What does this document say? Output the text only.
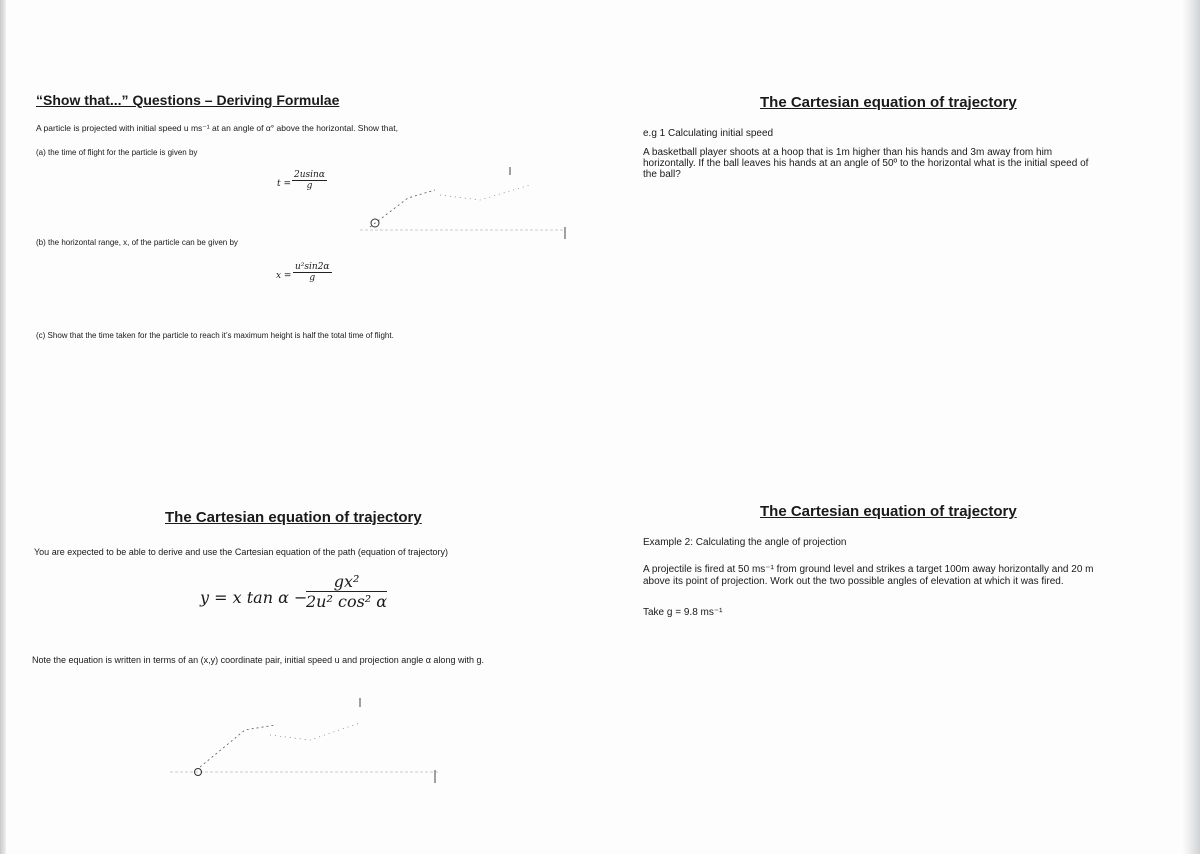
“Show that...” Questions – Deriving Formulae
A particle is projected with initial speed u ms⁻¹ at an angle of α° above the horizontal. Show that,
(a) the time of flight for the particle is given by
$t = \frac{2usin\alpha}{g}$
(b) the horizontal range, x, of the particle can be given by
$x = \frac{\text{u²sin2α}}{g}$
(c) Show that the time taken for the particle to reach it’s maximum height is half the total time of flight.
The Cartesian equation of trajectory
e.g 1 Calculating initial speed
A basketball player shoots at a hoop that is 1m higher than his hands and 3m away from him
horizontally. If the ball leaves his hands at an angle of 50º to the horizontal what is the initial speed of
the ball?
The Cartesian equation of trajectory
You are expected to be able to derive and use the Cartesian equation of the path (equation of trajectory)
y = x tan α −
$\frac{\text{gx²}}{\text{2u² cos² α}}$
Note the equation is written in terms of an (x,y) coordinate pair, initial speed u and projection angle α along with g.
The Cartesian equation of trajectory
Example 2: Calculating the angle of projection
A projectile is fired at 50 ms⁻¹ from ground level and strikes a target 100m away horizontally and 20 m
above its point of projection. Work out the two possible angles of elevation at which it was fired.
Take g = 9.8 ms⁻¹
